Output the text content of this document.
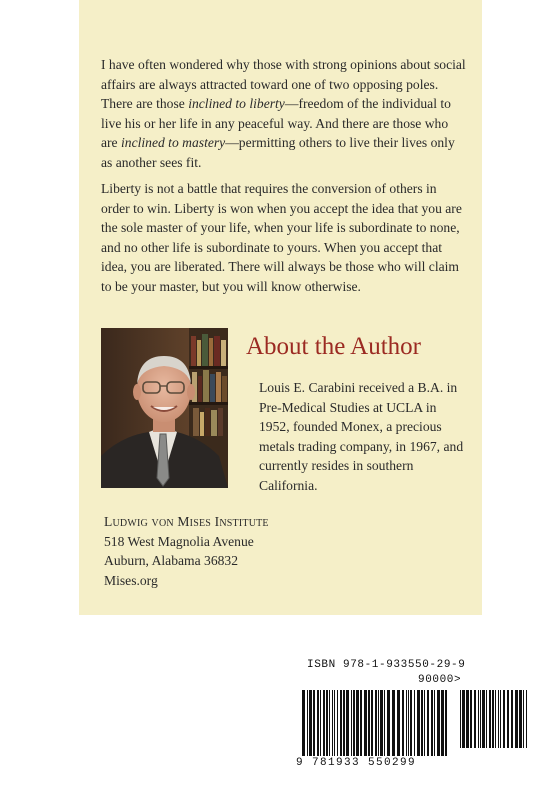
I have often wondered why those with strong opinions about social affairs are always attracted toward one of two opposing poles. There are those inclined to liberty—freedom of the individual to live his or her life in any peaceful way. And there are those who are inclined to mastery—permitting others to live their lives only as another sees fit.

Liberty is not a battle that requires the conversion of others in order to win. Liberty is won when you accept the idea that you are the sole master of your life, when your life is subordinate to none, and no other life is subordinate to yours. When you accept that idea, you are liberated. There will always be those who will claim to be your master, but you will know otherwise.

About the Author
Louis E. Carabini received a B.A. in Pre-Medical Studies at UCLA in 1952, founded Monex, a precious metals trading company, in 1967, and currently resides in southern California.
Ludwig von Mises Institute
518 West Magnolia Avenue
Auburn, Alabama 36832
Mises.org
ISBN 978-1-933550-29-9
90000>
9 781933 550299
